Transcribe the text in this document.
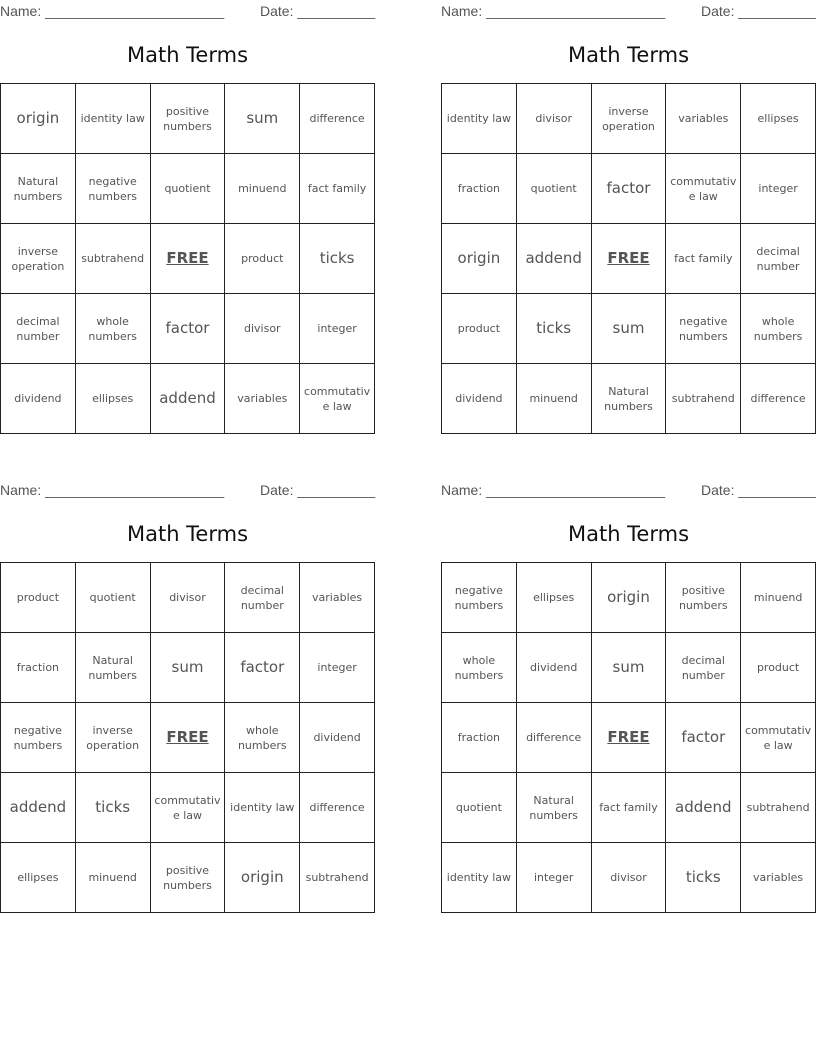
Name: _______________________	Date: __________
Math Terms
origin	identity law	positive numbers	sum	difference
Natural numbers	negative numbers	quotient	minuend	fact family
inverse operation	subtrahend	FREE	product	ticks
decimal number	whole numbers	factor	divisor	integer
dividend	ellipses	addend	variables	commutative law
Name: _______________________	Date: __________
Math Terms
identity law	divisor	inverse operation	variables	ellipses
fraction	quotient	factor	commutative law	integer
origin	addend	FREE	fact family	decimal number
product	ticks	sum	negative numbers	whole numbers
dividend	minuend	Natural numbers	subtrahend	difference
Name: _______________________	Date: __________
Math Terms
product	quotient	divisor	decimal number	variables
fraction	Natural numbers	sum	factor	integer
negative numbers	inverse operation	FREE	whole numbers	dividend
addend	ticks	commutative law	identity law	difference
ellipses	minuend	positive numbers	origin	subtrahend
Name: _______________________	Date: __________
Math Terms
negative numbers	ellipses	origin	positive numbers	minuend
whole numbers	dividend	sum	decimal number	product
fraction	difference	FREE	factor	commutative law
quotient	Natural numbers	fact family	addend	subtrahend
identity law	integer	divisor	ticks	variables
